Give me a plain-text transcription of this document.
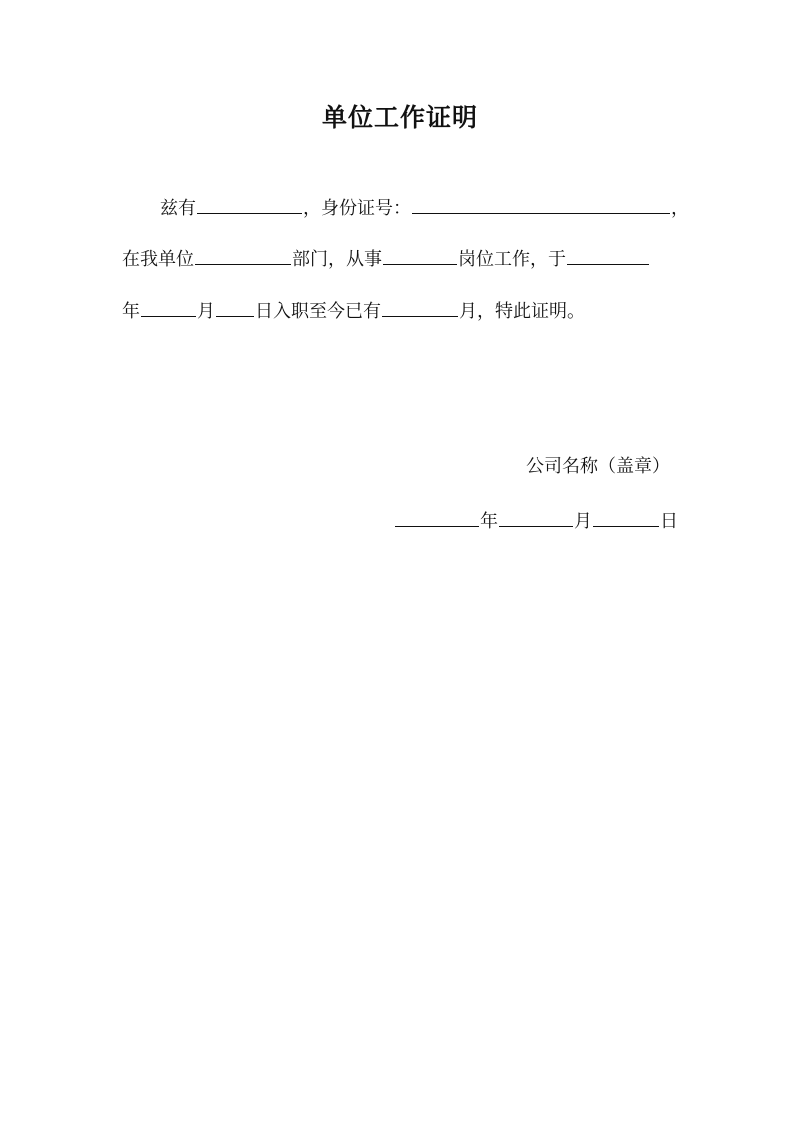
单位工作证明
兹有	，身份证号：	，
在我单位	部门，从事	岗位工作，于
年	月 日入职至今已有	月，特此证明。
公司名称（盖章）
年	月	日
